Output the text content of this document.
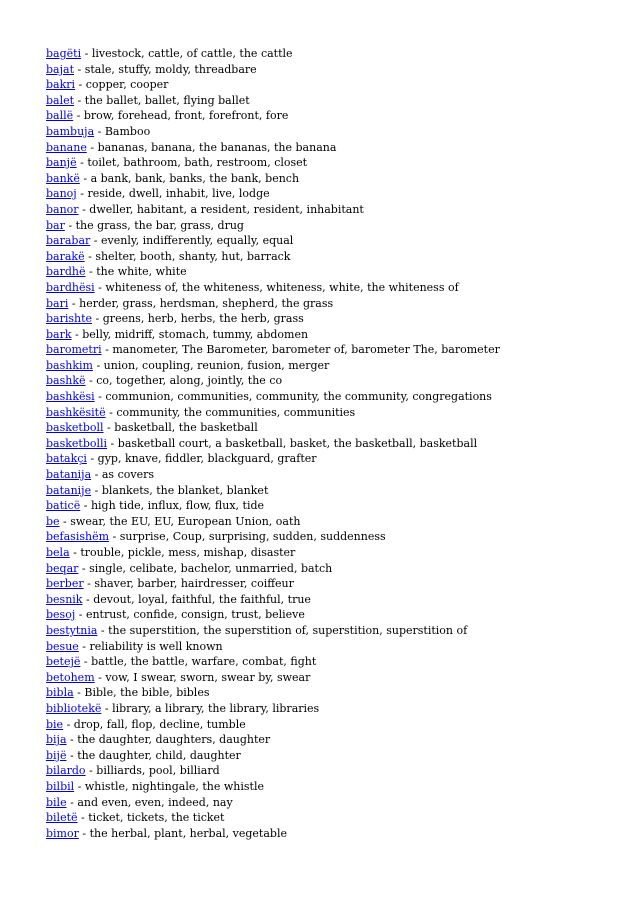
bagëti - livestock, cattle, of cattle, the cattle
bajat - stale, stuffy, moldy, threadbare
bakri - copper, cooper
balet - the ballet, ballet, flying ballet
ballë - brow, forehead, front, forefront, fore
bambuja - Bamboo
banane - bananas, banana, the bananas, the banana
banjë - toilet, bathroom, bath, restroom, closet
bankë - a bank, bank, banks, the bank, bench
banoj - reside, dwell, inhabit, live, lodge
banor - dweller, habitant, a resident, resident, inhabitant
bar - the grass, the bar, grass, drug
barabar - evenly, indifferently, equally, equal
barakë - shelter, booth, shanty, hut, barrack
bardhë - the white, white
bardhësi - whiteness of, the whiteness, whiteness, white, the whiteness of
bari - herder, grass, herdsman, shepherd, the grass
barishte - greens, herb, herbs, the herb, grass
bark - belly, midriff, stomach, tummy, abdomen
barometri - manometer, The Barometer, barometer of, barometer The, barometer
bashkim - union, coupling, reunion, fusion, merger
bashkë - co, together, along, jointly, the co
bashkësi - communion, communities, community, the community, congregations
bashkësitë - community, the communities, communities
basketboll - basketball, the basketball
basketbolli - basketball court, a basketball, basket, the basketball, basketball
batakçi - gyp, knave, fiddler, blackguard, grafter
batanija - as covers
batanije - blankets, the blanket, blanket
baticë - high tide, influx, flow, flux, tide
be - swear, the EU, EU, European Union, oath
befasishëm - surprise, Coup, surprising, sudden, suddenness
bela - trouble, pickle, mess, mishap, disaster
beqar - single, celibate, bachelor, unmarried, batch
berber - shaver, barber, hairdresser, coiffeur
besnik - devout, loyal, faithful, the faithful, true
besoj - entrust, confide, consign, trust, believe
bestytnia - the superstition, the superstition of, superstition, superstition of
besue - reliability is well known
betejë - battle, the battle, warfare, combat, fight
betohem - vow, I swear, sworn, swear by, swear
bibla - Bible, the bible, bibles
bibliotekë - library, a library, the library, libraries
bie - drop, fall, flop, decline, tumble
bija - the daughter, daughters, daughter
bijë - the daughter, child, daughter
bilardo - billiards, pool, billiard
bilbil - whistle, nightingale, the whistle
bile - and even, even, indeed, nay
biletë - ticket, tickets, the ticket
bimor - the herbal, plant, herbal, vegetable
